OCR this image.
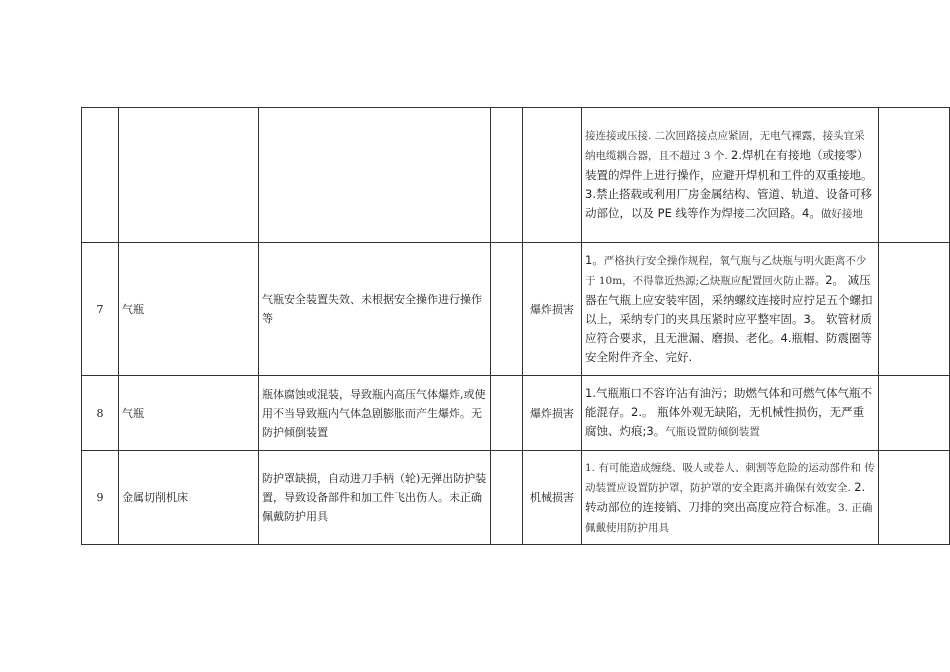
					接连接或压接. 二次回路接点应紧固，无电气裸露，接头宜采纳电缆耦合器，且不超过 3 个. 2.焊机在有接地（或接零）装置的焊件上进行操作，应避开焊机和工件的双重接地。3.禁止搭载或利用厂房金属结构、管道、轨道、设备可移动部位，以及 PE 线等作为焊接二次回路。4。做好接地	
7	气瓶	气瓶安全装置失效、未根据安全操作进行操作等		爆炸损害	1。严格执行安全操作规程，氧气瓶与乙炔瓶与明火距离不少于 10m，不得靠近热源;乙炔瓶应配置回火防止器。2。 减压器在气瓶上应安装牢固，采纳螺纹连接时应拧足五个螺扣以上，采纳专门的夹具压紧时应平整牢固。3。 软管材质应符合要求，且无泄漏、磨损、老化。4.瓶帽、防震圈等安全附件齐全、完好.	
8	气瓶	瓶体腐蚀或混装，导致瓶内高压气体爆炸,或使用不当导致瓶内气体急剧膨胀而产生爆炸。无防护倾倒装置		爆炸损害	1.气瓶瓶口不容许沾有油污；助燃气体和可燃气体气瓶不能混存。2.。 瓶体外观无缺陷，无机械性损伤，无严重腐蚀、灼痕;3。气瓶设置防倾倒装置	
9	金属切削机床	防护罩缺损，自动进刀手柄（轮)无弹出防护装置，导致设备部件和加工件飞出伤人。未正确佩戴防护用具		机械损害	1. 有可能造成缠绕、吸人或卷人、刺割等危险的运动部件和 传动装置应设置防护罩，防护罩的安全距离并确保有效安全. 2.转动部位的连接销、刀排的突出高度应符合标准。3. 正确佩戴使用防护用具	
